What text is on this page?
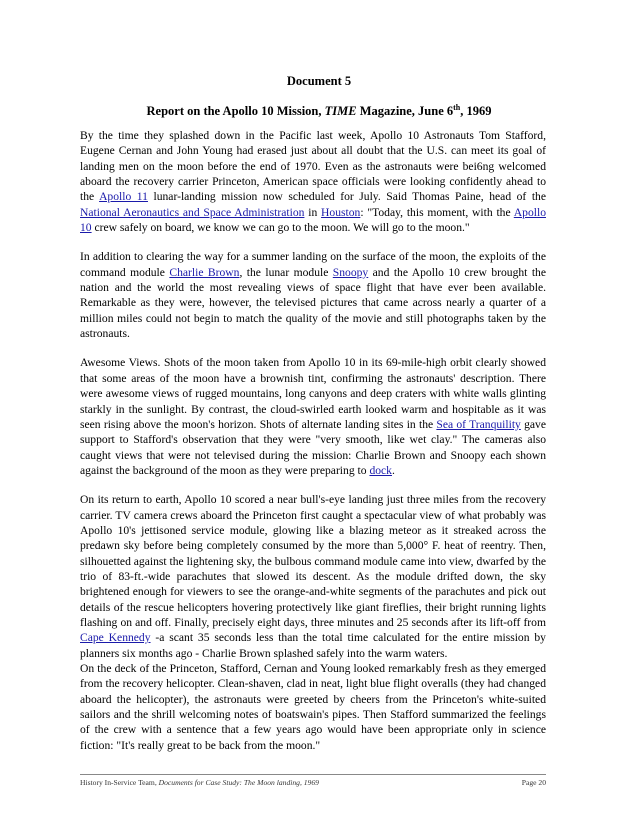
Document 5
Report on the Apollo 10 Mission, TIME Magazine, June 6th, 1969

By the time they splashed down in the Pacific last week, Apollo 10 Astronauts Tom Stafford, Eugene Cernan and John Young had erased just about all doubt that the U.S. can meet its goal of landing men on the moon before the end of 1970. Even as the astronauts were bei6ng welcomed aboard the recovery carrier Princeton, American space officials were looking confidently ahead to the Apollo 11 lunar-landing mission now scheduled for July. Said Thomas Paine, head of the National Aeronautics and Space Administration in Houston: "Today, this moment, with the Apollo 10 crew safely on board, we know we can go to the moon. We will go to the moon."

In addition to clearing the way for a summer landing on the surface of the moon, the exploits of the command module Charlie Brown, the lunar module Snoopy and the Apollo 10 crew brought the nation and the world the most revealing views of space flight that have ever been available. Remarkable as they were, however, the televised pictures that came across nearly a quarter of a million miles could not begin to match the quality of the movie and still photographs taken by the astronauts.

Awesome Views. Shots of the moon taken from Apollo 10 in its 69-mile-high orbit clearly showed that some areas of the moon have a brownish tint, confirming the astronauts' description. There were awesome views of rugged mountains, long canyons and deep craters with white walls glinting starkly in the sunlight. By contrast, the cloud-swirled earth looked warm and hospitable as it was seen rising above the moon's horizon. Shots of alternate landing sites in the Sea of Tranquility gave support to Stafford's observation that they were "very smooth, like wet clay." The cameras also caught views that were not televised during the mission: Charlie Brown and Snoopy each shown against the background of the moon as they were preparing to dock.

On its return to earth, Apollo 10 scored a near bull's-eye landing just three miles from the recovery carrier. TV camera crews aboard the Princeton first caught a spectacular view of what probably was Apollo 10's jettisoned service module, glowing like a blazing meteor as it streaked across the predawn sky before being completely consumed by the more than 5,000° F. heat of reentry. Then, silhouetted against the lightening sky, the bulbous command module came into view, dwarfed by the trio of 83-ft.-wide parachutes that slowed its descent. As the module drifted down, the sky brightened enough for viewers to see the orange-and-white segments of the parachutes and pick out details of the rescue helicopters hovering protectively like giant fireflies, their bright running lights flashing on and off. Finally, precisely eight days, three minutes and 25 seconds after its lift-off from Cape Kennedy -a scant 35 seconds less than the total time calculated for the entire mission by planners six months ago - Charlie Brown splashed safely into the warm waters.

On the deck of the Princeton, Stafford, Cernan and Young looked remarkably fresh as they emerged from the recovery helicopter. Clean-shaven, clad in neat, light blue flight overalls (they had changed aboard the helicopter), the astronauts were greeted by cheers from the Princeton's white-suited sailors and the shrill welcoming notes of boatswain's pipes. Then Stafford summarized the feelings of the crew with a sentence that a few years ago would have been appropriate only in science fiction: "It's really great to be back from the moon."

History In-Service Team, Documents for Case Study: The Moon landing, 1969	Page 20
